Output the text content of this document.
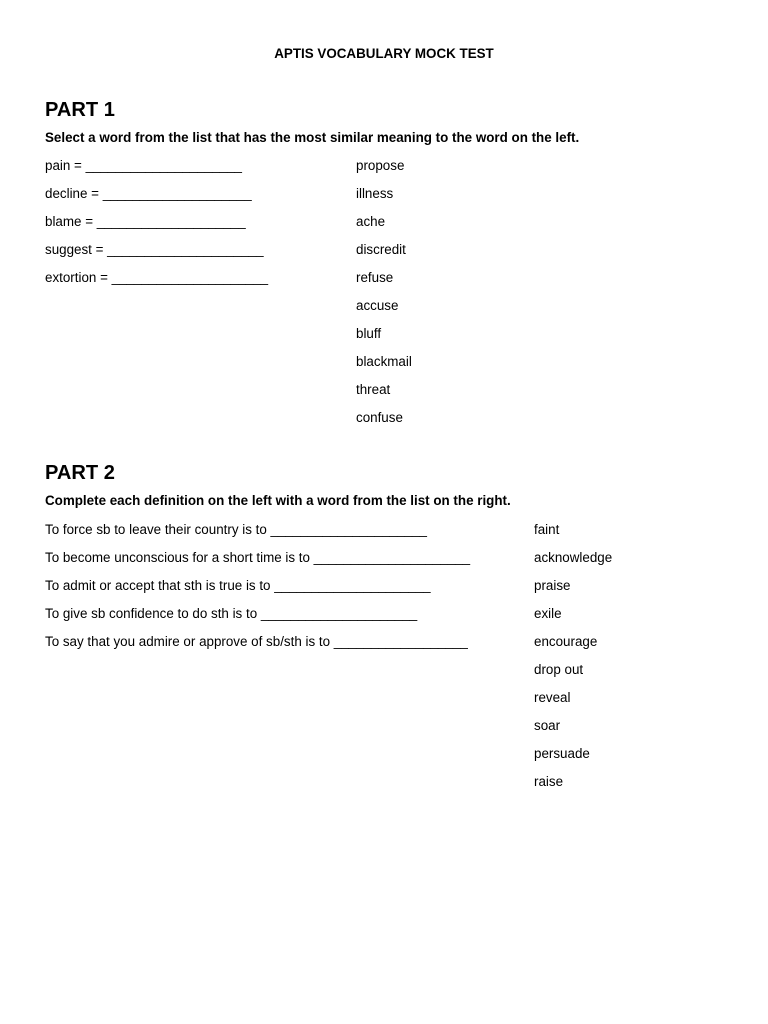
APTIS VOCABULARY MOCK TEST
PART 1

Select a word from the list that has the most similar meaning to the word on the left.

pain = _____________________
decline = ____________________
blame = ____________________
suggest = _____________________
extortion = _____________________
propose
illness
ache
discredit
refuse
accuse
bluff
blackmail
threat
confuse
PART 2

Complete each definition on the left with a word from the list on the right.

To force sb to leave their country is to _____________________
To become unconscious for a short time is to _____________________
To admit or accept that sth is true is to _____________________
To give sb confidence to do sth is to _____________________
To say that you admire or approve of sb/sth is to __________________
faint
acknowledge
praise
exile
encourage
drop out
reveal
soar
persuade
raise
